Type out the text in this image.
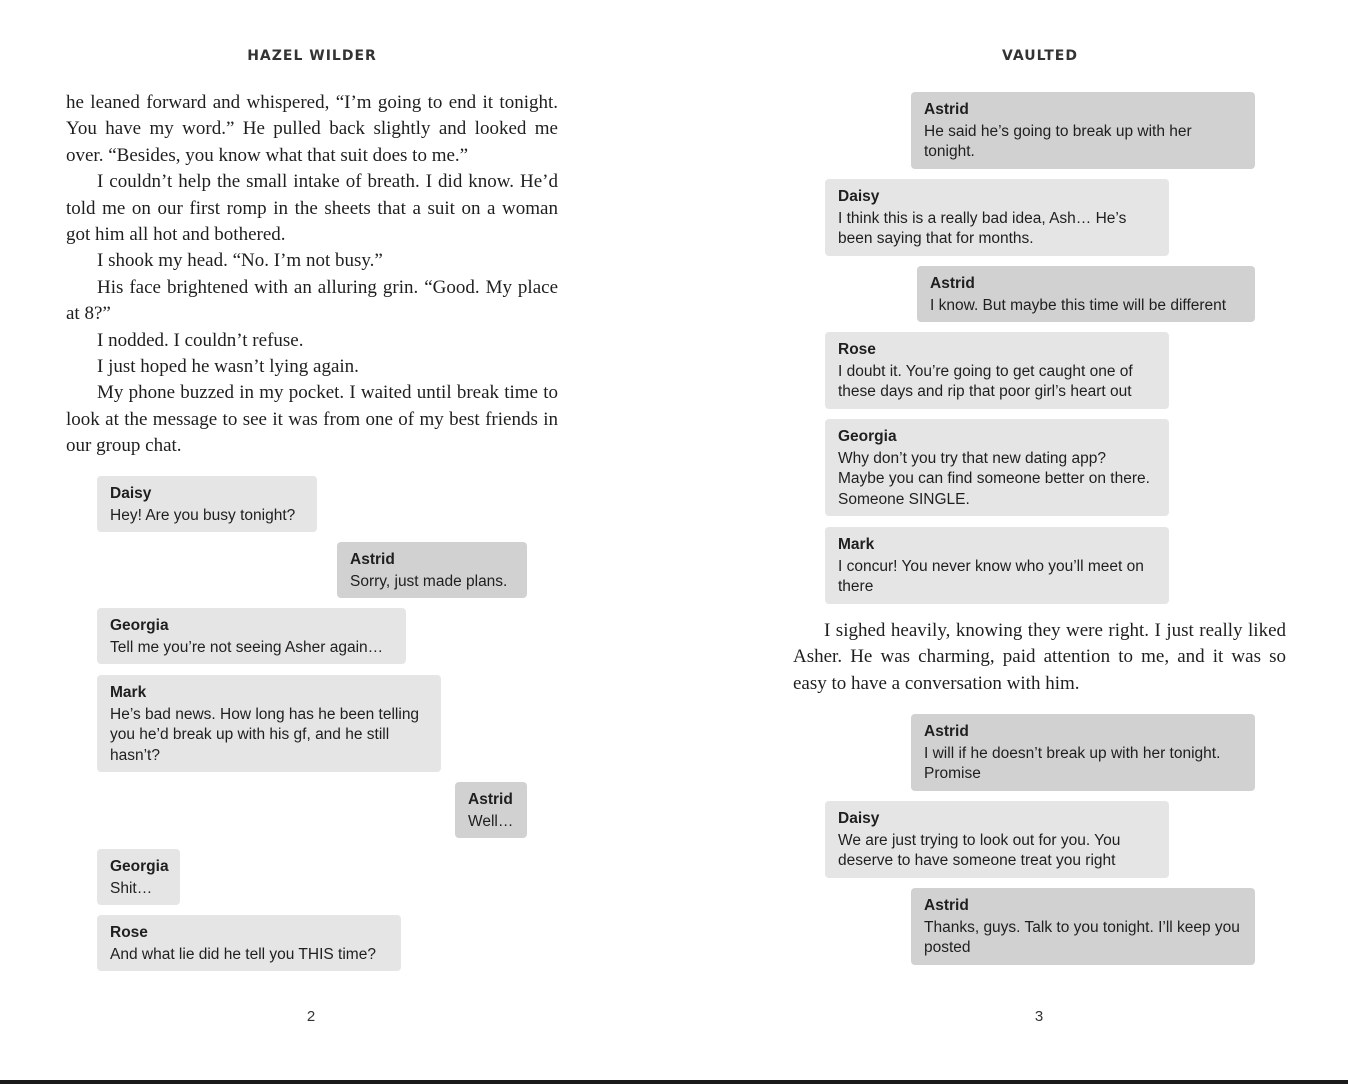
HAZEL WILDER

he leaned forward and whispered, “I’m going to end it tonight. You have my word.” He pulled back slightly and looked me over. “Besides, you know what that suit does to me.”

I couldn’t help the small intake of breath. I did know. He’d told me on our first romp in the sheets that a suit on a woman got him all hot and bothered.

I shook my head. “No. I’m not busy.”

His face brightened with an alluring grin. “Good. My place at 8?”

I nodded. I couldn’t refuse.

I just hoped he wasn’t lying again.

My phone buzzed in my pocket. I waited until break time to look at the message to see it was from one of my best friends in our group chat.

Daisy
Hey! Are you busy tonight?
Astrid
Sorry, just made plans.
Georgia
Tell me you’re not seeing Asher again…
Mark
He’s bad news. How long has he been telling you he’d break up with his gf, and he still hasn’t?
Astrid
Well…
Georgia
Shit…
Rose
And what lie did he tell you THIS time?
2
VAULTED
Astrid
He said he’s going to break up with her tonight.
Daisy
I think this is a really bad idea, Ash… He’s been saying that for months.
Astrid
I know. But maybe this time will be different
Rose
I doubt it. You’re going to get caught one of these days and rip that poor girl’s heart out
Georgia
Why don’t you try that new dating app? Maybe you can find someone better on there. Someone SINGLE.
Mark
I concur! You never know who you’ll meet on there

I sighed heavily, knowing they were right. I just really liked Asher. He was charming, paid attention to me, and it was so easy to have a conversation with him.

Astrid
I will if he doesn’t break up with her tonight. Promise
Daisy
We are just trying to look out for you. You deserve to have someone treat you right
Astrid
Thanks, guys. Talk to you tonight. I’ll keep you posted
3
